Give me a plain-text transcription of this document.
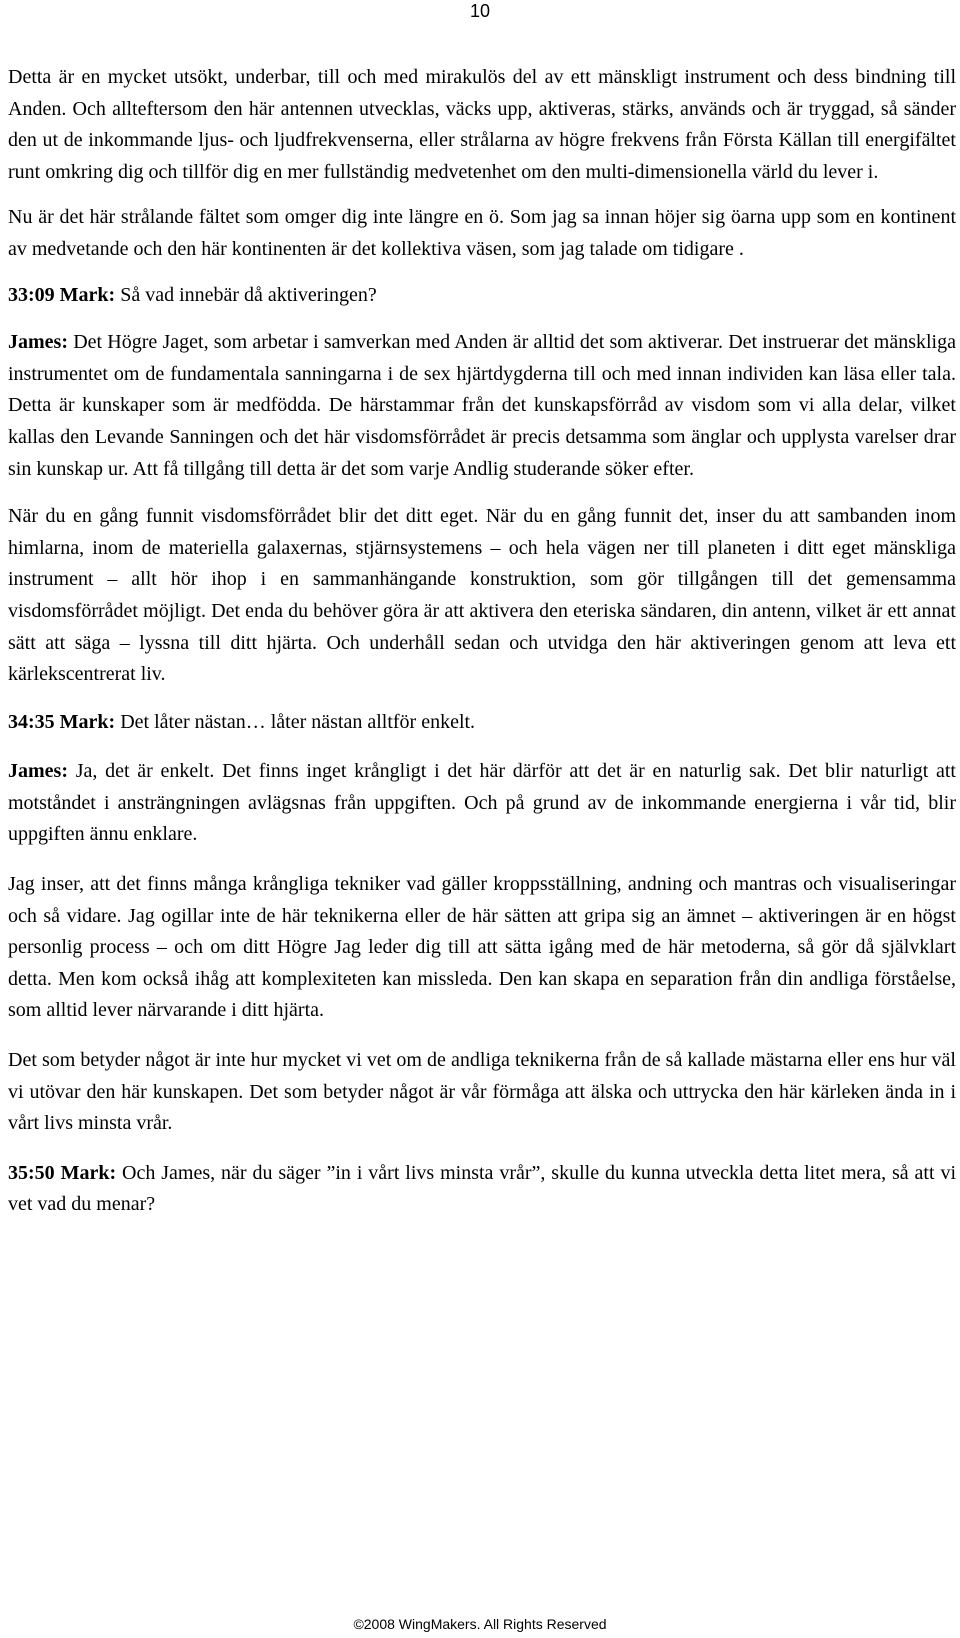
10

Detta är en mycket utsökt, underbar, till och med mirakulös del av ett mänskligt instrument och dess bindning till Anden. Och allteftersom den här antennen utvecklas, väcks upp, aktiveras, stärks, används och är tryggad, så sänder den ut de inkommande ljus- och ljudfrekvenserna, eller strålarna av högre frekvens från Första Källan till energifältet runt omkring dig och tillför dig en mer fullständig medvetenhet om den multi-dimensionella värld du lever i.

Nu är det här strålande fältet som omger dig inte längre en ö. Som jag sa innan höjer sig öarna upp som en kontinent av medvetande och den här kontinenten är det kollektiva väsen, som jag talade om tidigare .

33:09 Mark: Så vad innebär då aktiveringen?

James: Det Högre Jaget, som arbetar i samverkan med Anden är alltid det som aktiverar. Det instruerar det mänskliga instrumentet om de fundamentala sanningarna i de sex hjärtdygderna till och med innan individen kan läsa eller tala. Detta är kunskaper som är medfödda. De härstammar från det kunskapsförråd av visdom som vi alla delar, vilket kallas den Levande Sanningen och det här visdomsförrådet är precis detsamma som änglar och upplysta varelser drar sin kunskap ur. Att få tillgång till detta är det som varje Andlig studerande söker efter.

När du en gång funnit visdomsförrådet blir det ditt eget. När du en gång funnit det, inser du att sambanden inom himlarna, inom de materiella galaxernas, stjärnsystemens – och hela vägen ner till planeten i ditt eget mänskliga instrument – allt hör ihop i en sammanhängande konstruktion, som gör tillgången till det gemensamma visdomsförrådet möjligt. Det enda du behöver göra är att aktivera den eteriska sändaren, din antenn, vilket är ett annat sätt att säga – lyssna till ditt hjärta. Och underhåll sedan och utvidga den här aktiveringen genom att leva ett kärlekscentrerat liv.

34:35 Mark: Det låter nästan… låter nästan alltför enkelt.

James: Ja, det är enkelt. Det finns inget krångligt i det här därför att det är en naturlig sak. Det blir naturligt att motståndet i ansträngningen avlägsnas från uppgiften. Och på grund av de inkommande energierna i vår tid, blir uppgiften ännu enklare.

Jag inser, att det finns många krångliga tekniker vad gäller kroppsställning, andning och mantras och visualiseringar och så vidare. Jag ogillar inte de här teknikerna eller de här sätten att gripa sig an ämnet – aktiveringen är en högst personlig process – och om ditt Högre Jag leder dig till att sätta igång med de här metoderna, så gör då självklart detta. Men kom också ihåg att komplexiteten kan missleda. Den kan skapa en separation från din andliga förståelse, som alltid lever närvarande i ditt hjärta.

Det som betyder något är inte hur mycket vi vet om de andliga teknikerna från de så kallade mästarna eller ens hur väl vi utövar den här kunskapen. Det som betyder något är vår förmåga att älska och uttrycka den här kärleken ända in i vårt livs minsta vrår.

35:50 Mark: Och James, när du säger ”in i vårt livs minsta vrår”, skulle du kunna utveckla detta litet mera, så att vi vet vad du menar?

©2008 WingMakers. All Rights Reserved
